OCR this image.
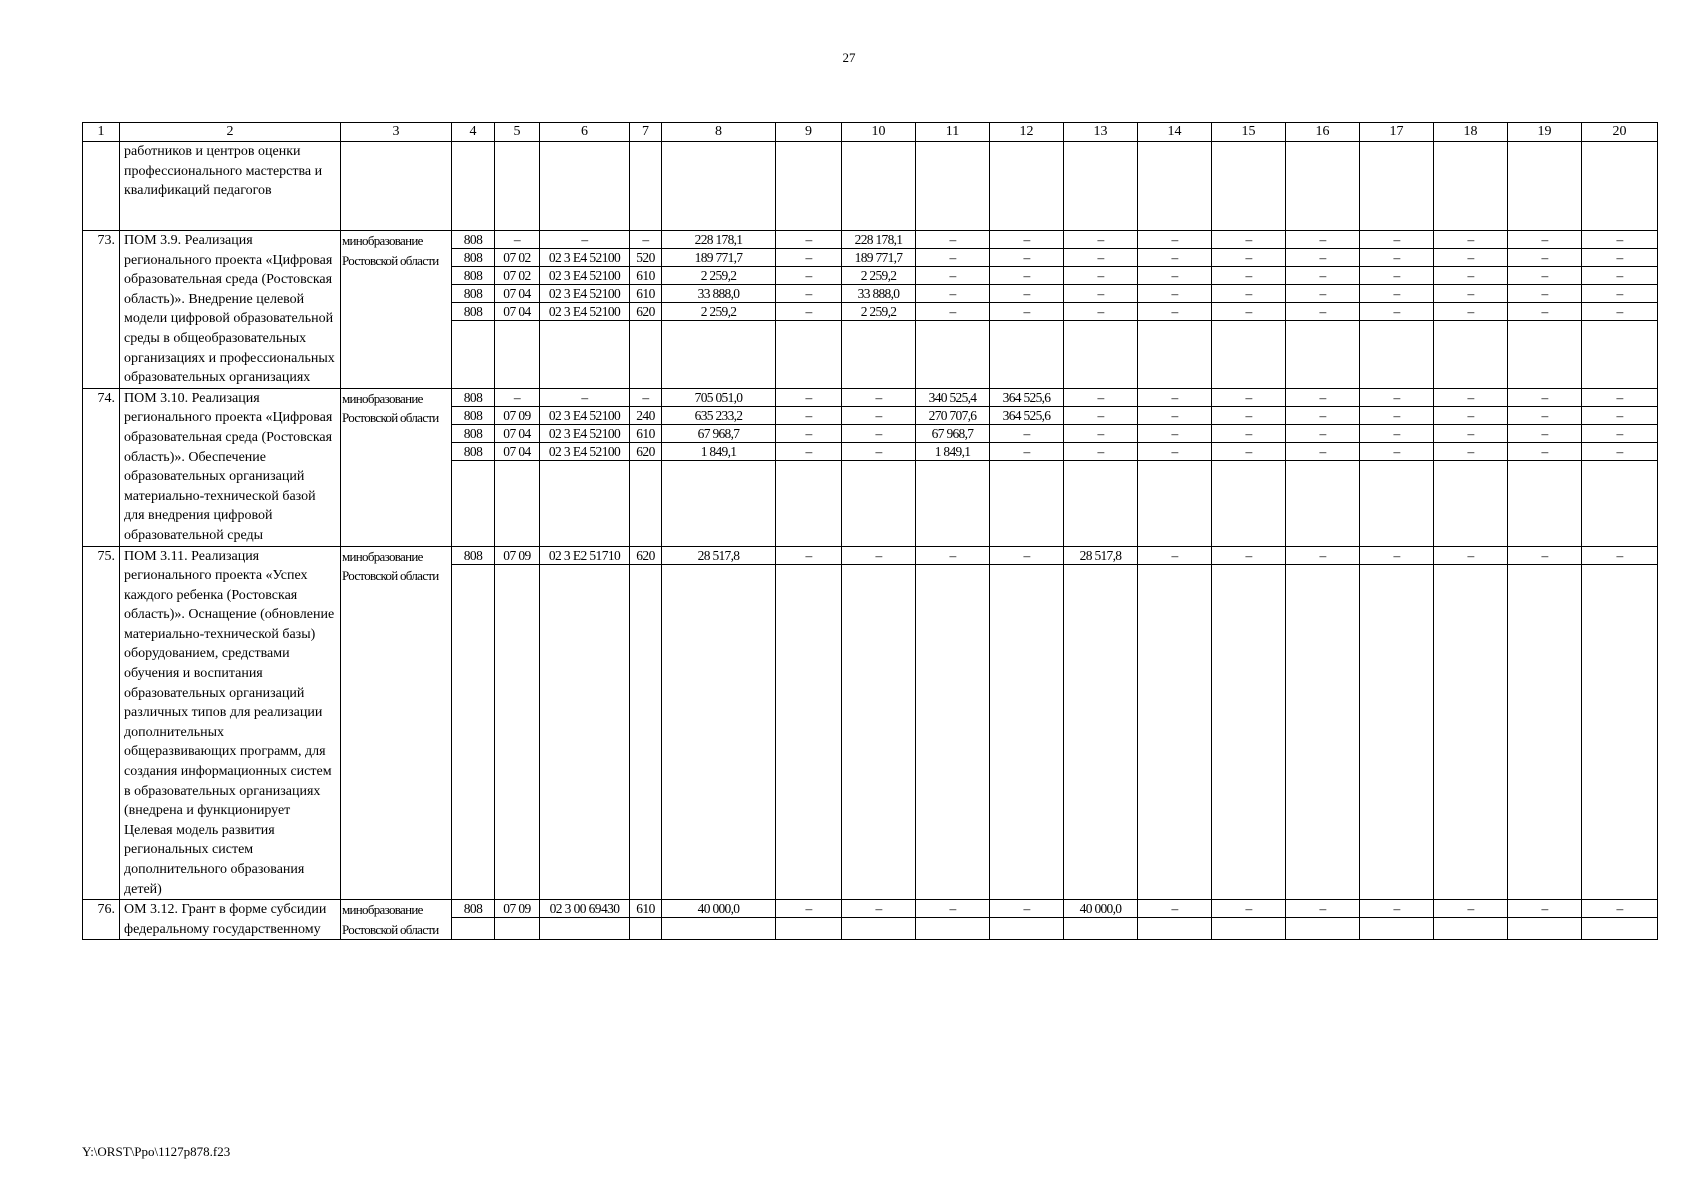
27
1	2	3	4	5	6	7	8	9	10	11	12	13	14	15	16	17	18	19	20
	работников и центров оценки профессионального мастерства и квалификаций педагогов																		
73.	ПОМ 3.9. Реализация регионального проекта «Цифровая образовательная среда (Ростовская область)». Внедрение целевой модели цифровой образовательной среды в общеобразовательных организациях и профессиональных образовательных организациях	минобразование Ростовской области	808	–	–	–	228 178,1	–	228 178,1	–	–	–	–	–	–	–	–	–	–
			808	07 02	02 3 E4 52100	520	189 771,7	–	189 771,7	–	–	–	–	–	–	–	–	–	–
			808	07 02	02 3 E4 52100	610	2 259,2	–	2 259,2	–	–	–	–	–	–	–	–	–	–
			808	07 04	02 3 E4 52100	610	33 888,0	–	33 888,0	–	–	–	–	–	–	–	–	–	–
			808	07 04	02 3 E4 52100	620	2 259,2	–	2 259,2	–	–	–	–	–	–	–	–	–	–

74.	ПОМ 3.10. Реализация регионального проекта «Цифровая образовательная среда (Ростовская область)». Обеспечение образовательных организаций материально-технической базой для внедрения цифровой образовательной среды	минобразование Ростовской области	808	–	–	–	705 051,0	–	–	340 525,4	364 525,6	–	–	–	–	–	–	–	–
			808	07 09	02 3 E4 52100	240	635 233,2	–	–	270 707,6	364 525,6	–	–	–	–	–	–	–	–
			808	07 04	02 3 E4 52100	610	67 968,7	–	–	67 968,7	–	–	–	–	–	–	–	–	–
			808	07 04	02 3 E4 52100	620	1 849,1	–	–	1 849,1	–	–	–	–	–	–	–	–	–

75.	ПОМ 3.11. Реализация регионального проекта «Успех каждого ребенка (Ростовская область)». Оснащение (обновление материально-технической базы) оборудованием, средствами обучения и воспитания образовательных организаций различных типов для реализации дополнительных общеразвивающих программ, для создания информационных систем в образовательных организациях (внедрена и функционирует Целевая модель развития региональных систем дополнительного образования детей)	минобразование Ростовской области	808	07 09	02 3 E2 51710	620	28 517,8	–	–	–	–	28 517,8	–	–	–	–	–	–	–

76.	ОМ 3.12. Грант в форме субсидии федеральному государственному	минобразование Ростовской области	808	07 09	02 3 00 69430	610	40 000,0	–	–	–	–	40 000,0	–	–	–	–	–	–	–

Y:\ORST\Ppo\1127p878.f23
